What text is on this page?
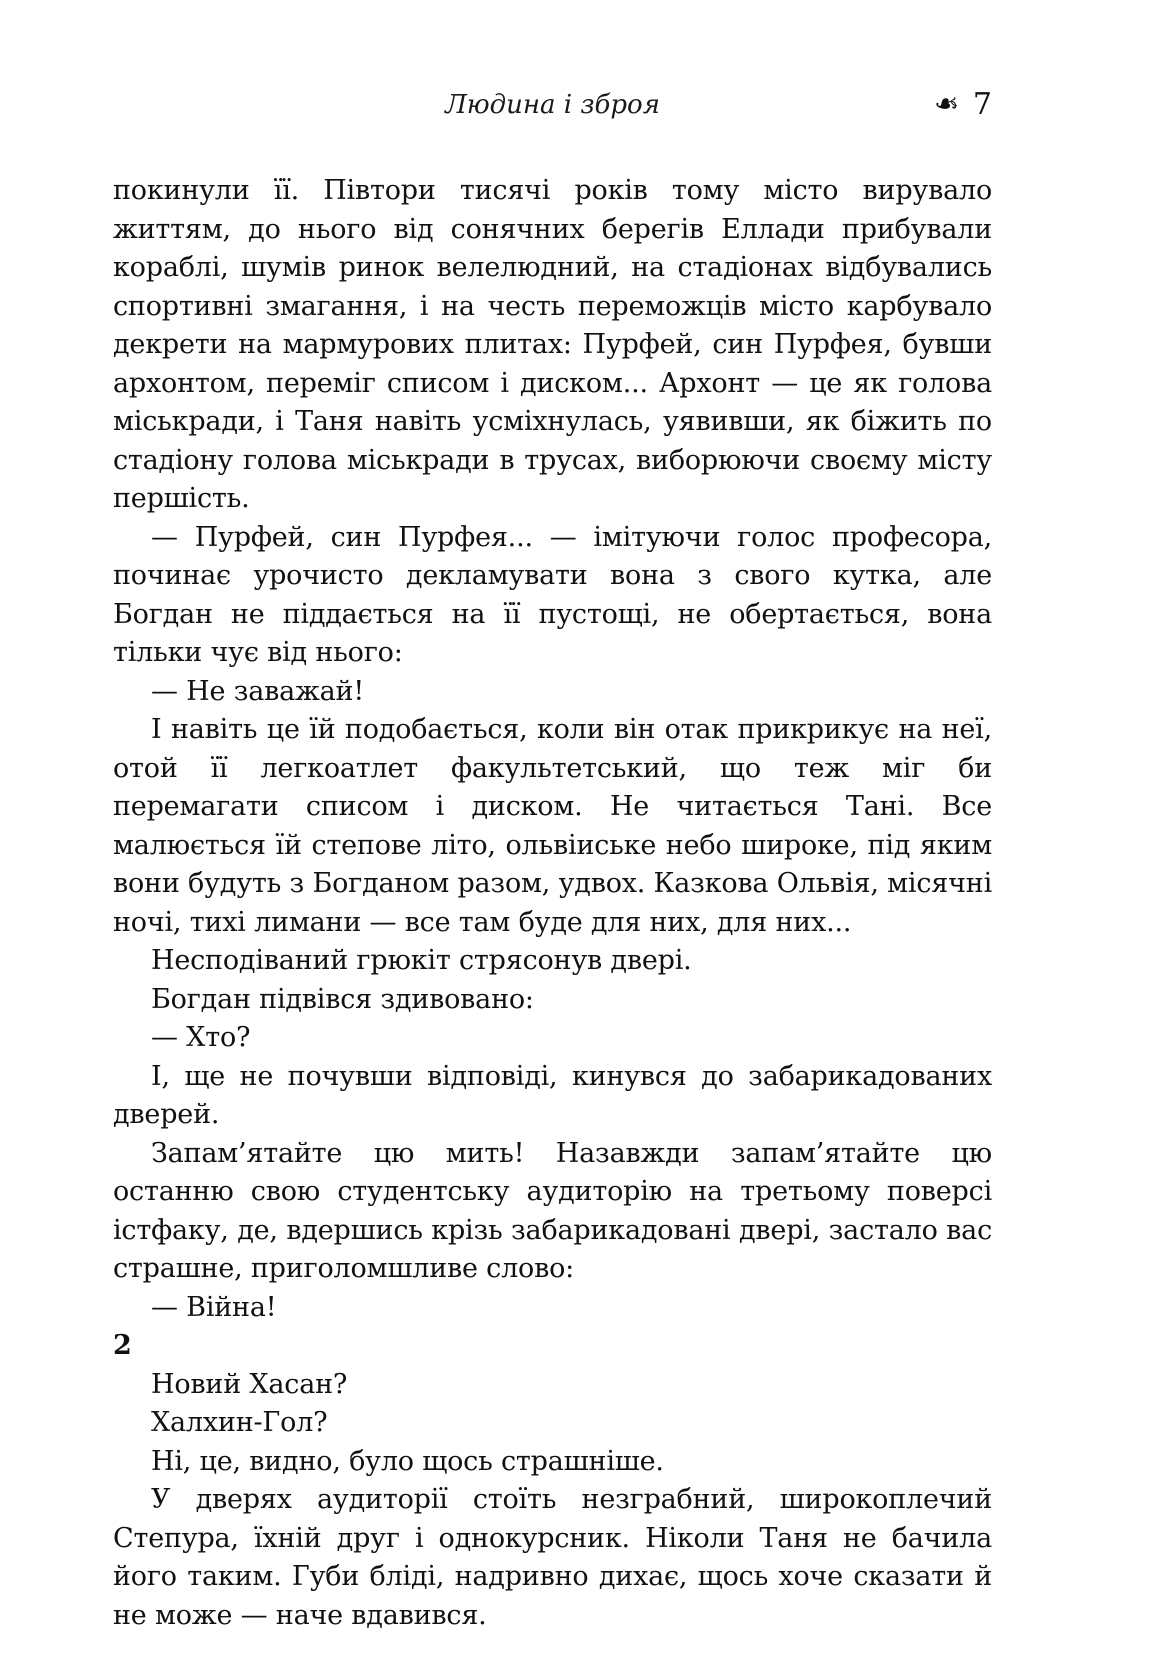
Людина і зброя	❧ 7

покинули її. Півтори тисячі років тому місто вирувало життям, до нього від сонячних берегів Еллади прибували кораблі, шумів ринок велелюдний, на стадіонах відбувались спортивні змагання, і на честь переможців місто карбувало декрети на мармурових плитах: Пурфей, син Пурфея, бувши архонтом, переміг списом і диском... Архонт — це як голова міськради, і Таня навіть усміхнулась, уявивши, як біжить по стадіону голова міськради в трусах, виборюючи своєму місту першість.

— Пурфей, син Пурфея... — імітуючи голос професора, починає урочисто декламувати вона з свого кутка, але Богдан не піддається на її пустощі, не обертається, вона тільки чує від нього:

— Не заважай!

І навіть це їй подобається, коли він отак прикрикує на неї, отой її легкоатлет факультетський, що теж міг би перемагати списом і диском. Не читається Тані. Все малюється їй степове літо, ольвіиське небо широке, під яким вони будуть з Богданом разом, удвох. Казкова Ольвія, місячні ночі, тихі лимани — все там буде для них, для них...

Несподіваний грюкіт стрясонув двері.

Богдан підвівся здивовано:

— Хто?

І, ще не почувши відповіді, кинувся до забарикадованих дверей.

Запам’ятайте цю мить! Назавжди запам’ятайте цю останню свою студентську аудиторію на третьому поверсі істфаку, де, вдершись крізь забарикадовані двері, застало вас страшне, приголомшливе слово:

— Війна!

2

Новий Хасан?

Халхин-Гол?

Ні, це, видно, було щось страшніше.

У дверях аудиторії стоїть незграбний, широкоплечий Степура, їхній друг і однокурсник. Ніколи Таня не бачила його таким. Губи бліді, надривно дихає, щось хоче сказати й не може — наче вдавився.
